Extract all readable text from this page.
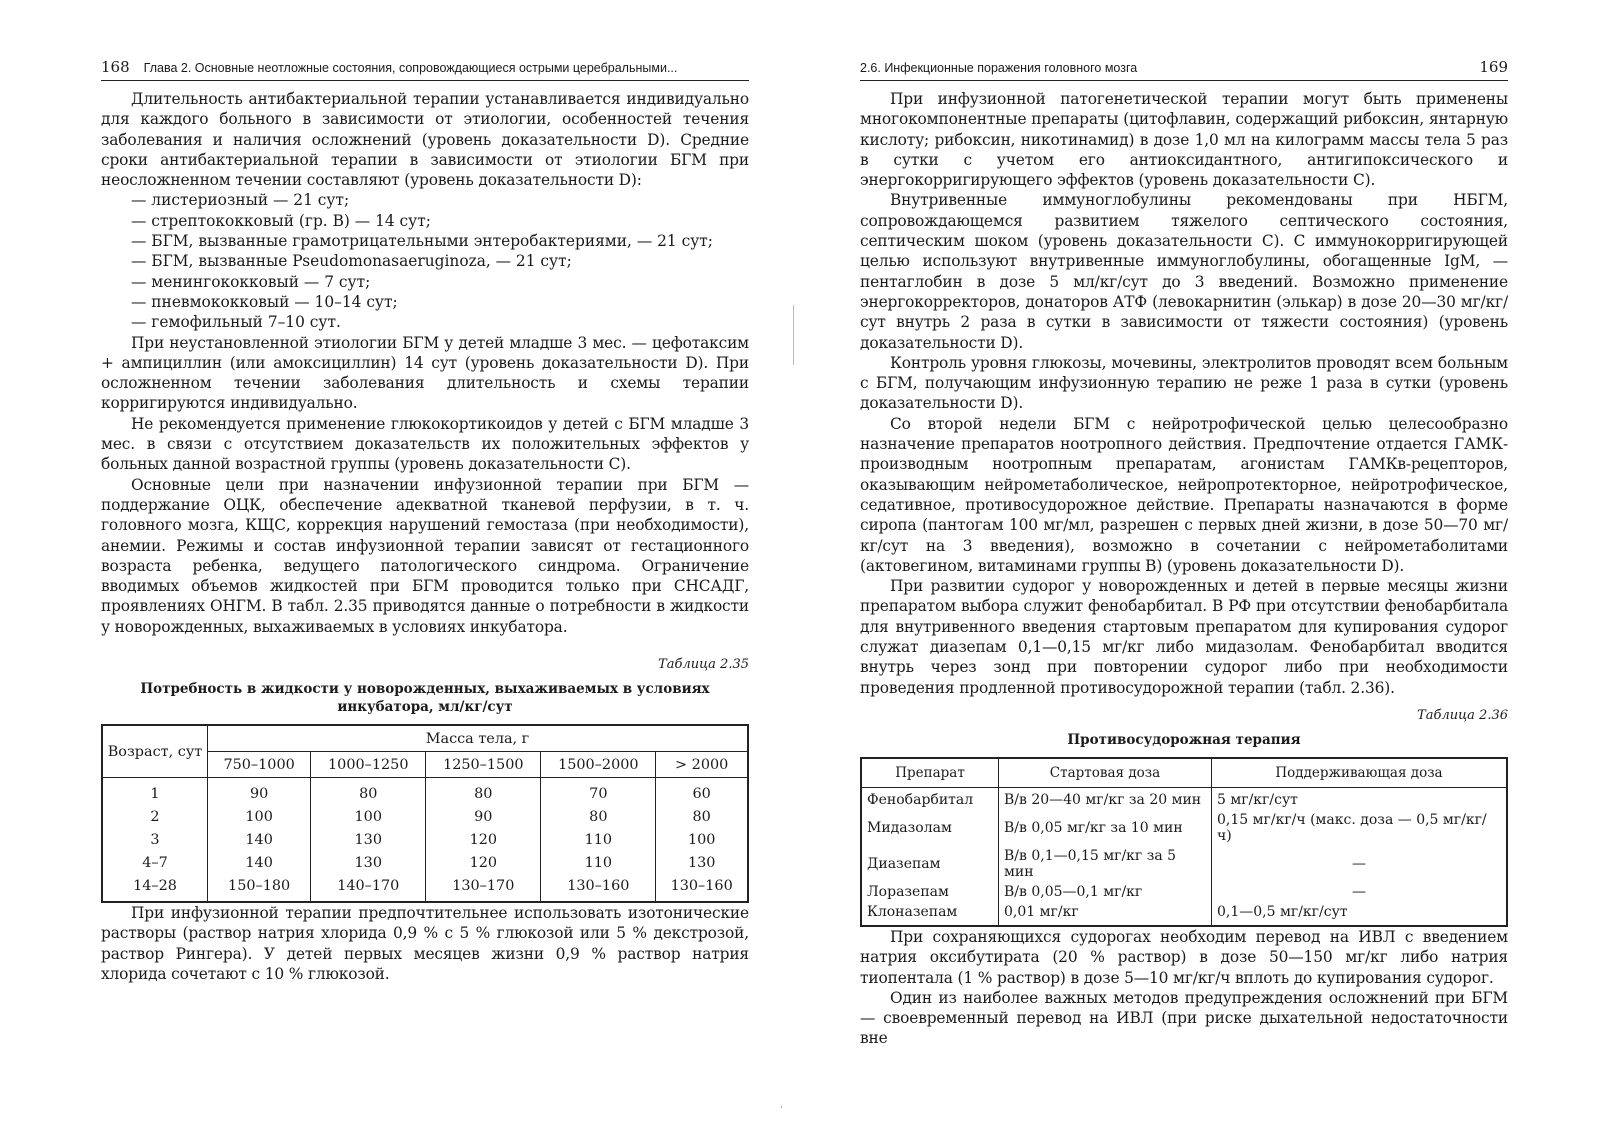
168 Глава 2. Основные неотложные состояния, сопровождающиеся острыми церебральными...

Длительность антибактериальной терапии устанавливается индивидуально для каждого больного в зависимости от этиологии, особенностей течения заболевания и наличия осложнений (уровень доказательности D). Средние сроки антибактериальной терапии в зависимости от этиологии БГМ при неосложненном течении составляют (уровень доказательности D):

— листериозный — 21 сут;
— стрептококковый (гр. В) — 14 сут;
— БГМ, вызванные грамотрицательными энтеробактериями, — 21 сут;
— БГМ, вызванные Pseudomonasaeruginoza, — 21 сут;
— менингококковый — 7 сут;
— пневмококковый — 10–14 сут;
— гемофильный 7–10 сут.

При неустановленной этиологии БГМ у детей младше 3 мес. — цефотаксим + ампициллин (или амоксициллин) 14 сут (уровень доказательности D). При осложненном течении заболевания длительность и схемы терапии корригируются индивидуально.

Не рекомендуется применение глюкокортикоидов у детей с БГМ младше 3 мес. в связи с отсутствием доказательств их положительных эффектов у больных данной возрастной группы (уровень доказательности С).

Основные цели при назначении инфузионной терапии при БГМ — поддержание ОЦК, обеспечение адекватной тканевой перфузии, в т. ч. головного мозга, КЩС, коррекция нарушений гемостаза (при необходимости), анемии. Режимы и состав инфузионной терапии зависят от гестационного возраста ребенка, ведущего патологического синдрома. Ограничение вводимых объемов жидкостей при БГМ проводится только при СНСАДГ, проявлениях ОНГМ. В табл. 2.35 приводятся данные о потребности в жидкости у новорожденных, выхаживаемых в условиях инкубатора.

Таблица 2.35
Потребность в жидкости у новорожденных, выхаживаемых в условиях инкубатора, мл/кг/сут
Возраст, сут	Масса тела, г				
	750–1000	1000–1250	1250–1500	1500–2000	> 2000
1	90	80	80	70	60
2	100	100	90	80	80
3	140	130	120	110	100
4–7	140	130	120	110	130
14–28	150–180	140–170	130–170	130–160	130–160

При инфузионной терапии предпочтительнее использовать изотонические растворы (раствор натрия хлорида 0,9 % с 5 % глюкозой или 5 % декстрозой, раствор Рингера). У детей первых месяцев жизни 0,9 % раствор натрия хлорида сочетают с 10 % глюкозой.

2.6. Инфекционные поражения головного мозга	169

При инфузионной патогенетической терапии могут быть применены многокомпонентные препараты (цитофлавин, содержащий рибоксин, янтарную кислоту; рибоксин, никотинамид) в дозе 1,0 мл на килограмм массы тела 5 раз в сутки с учетом его антиоксидантного, антигипоксического и энергокорригирующего эффектов (уровень доказательности С).

Внутривенные иммуноглобулины рекомендованы при НБГМ, сопровождающемся развитием тяжелого септического состояния, септическим шоком (уровень доказательности С). С иммунокорригирующей целью используют внутривенные иммуноглобулины, обогащенные IgM, — пентаглобин в дозе 5 мл/кг/сут до 3 введений. Возможно применение энергокорректоров, донаторов АТФ (левокарнитин (элькар) в дозе 20—30 мг/кг/сут внутрь 2 раза в сутки в зависимости от тяжести состояния) (уровень доказательности D).

Контроль уровня глюкозы, мочевины, электролитов проводят всем больным с БГМ, получающим инфузионную терапию не реже 1 раза в сутки (уровень доказательности D).

Со второй недели БГМ с нейротрофической целью целесообразно назначение препаратов ноотропного действия. Предпочтение отдается ГАМК-производным ноотропным препаратам, агонистам ГАМКв-рецепторов, оказывающим нейрометаболическое, нейропротекторное, нейротрофическое, седативное, противосудорожное действие. Препараты назначаются в форме сиропа (пантогам 100 мг/мл, разрешен с первых дней жизни, в дозе 50—70 мг/кг/сут на 3 введения), возможно в сочетании с нейрометаболитами (актовегином, витаминами группы В) (уровень доказательности D).

При развитии судорог у новорожденных и детей в первые месяцы жизни препаратом выбора служит фенобарбитал. В РФ при отсутствии фенобарбитала для внутривенного введения стартовым препаратом для купирования судорог служат диазепам 0,1—0,15 мг/кг либо мидазолам. Фенобарбитал вводится внутрь через зонд при повторении судорог либо при необходимости проведения продленной противосудорожной терапии (табл. 2.36).

Таблица 2.36
Противосудорожная терапия
Препарат	Стартовая доза	Поддерживающая доза
Фенобарбитал	В/в 20—40 мг/кг за 20 мин	5 мг/кг/сут
Мидазолам	В/в 0,05 мг/кг за 10 мин	0,15 мг/кг/ч (макс. доза — 0,5 мг/кг/ч)
Диазепам	В/в 0,1—0,15 мг/кг за 5 мин	—
Лоразепам	В/в 0,05—0,1 мг/кг	—
Клоназепам	0,01 мг/кг	0,1—0,5 мг/кг/сут

При сохраняющихся судорогах необходим перевод на ИВЛ с введением натрия оксибутирата (20 % раствор) в дозе 50—150 мг/кг либо натрия тиопентала (1 % раствор) в дозе 5—10 мг/кг/ч вплоть до купирования судорог.

Один из наиболее важных методов предупреждения осложнений при БГМ — своевременный перевод на ИВЛ (при риске дыхательной недостаточности вне

·
